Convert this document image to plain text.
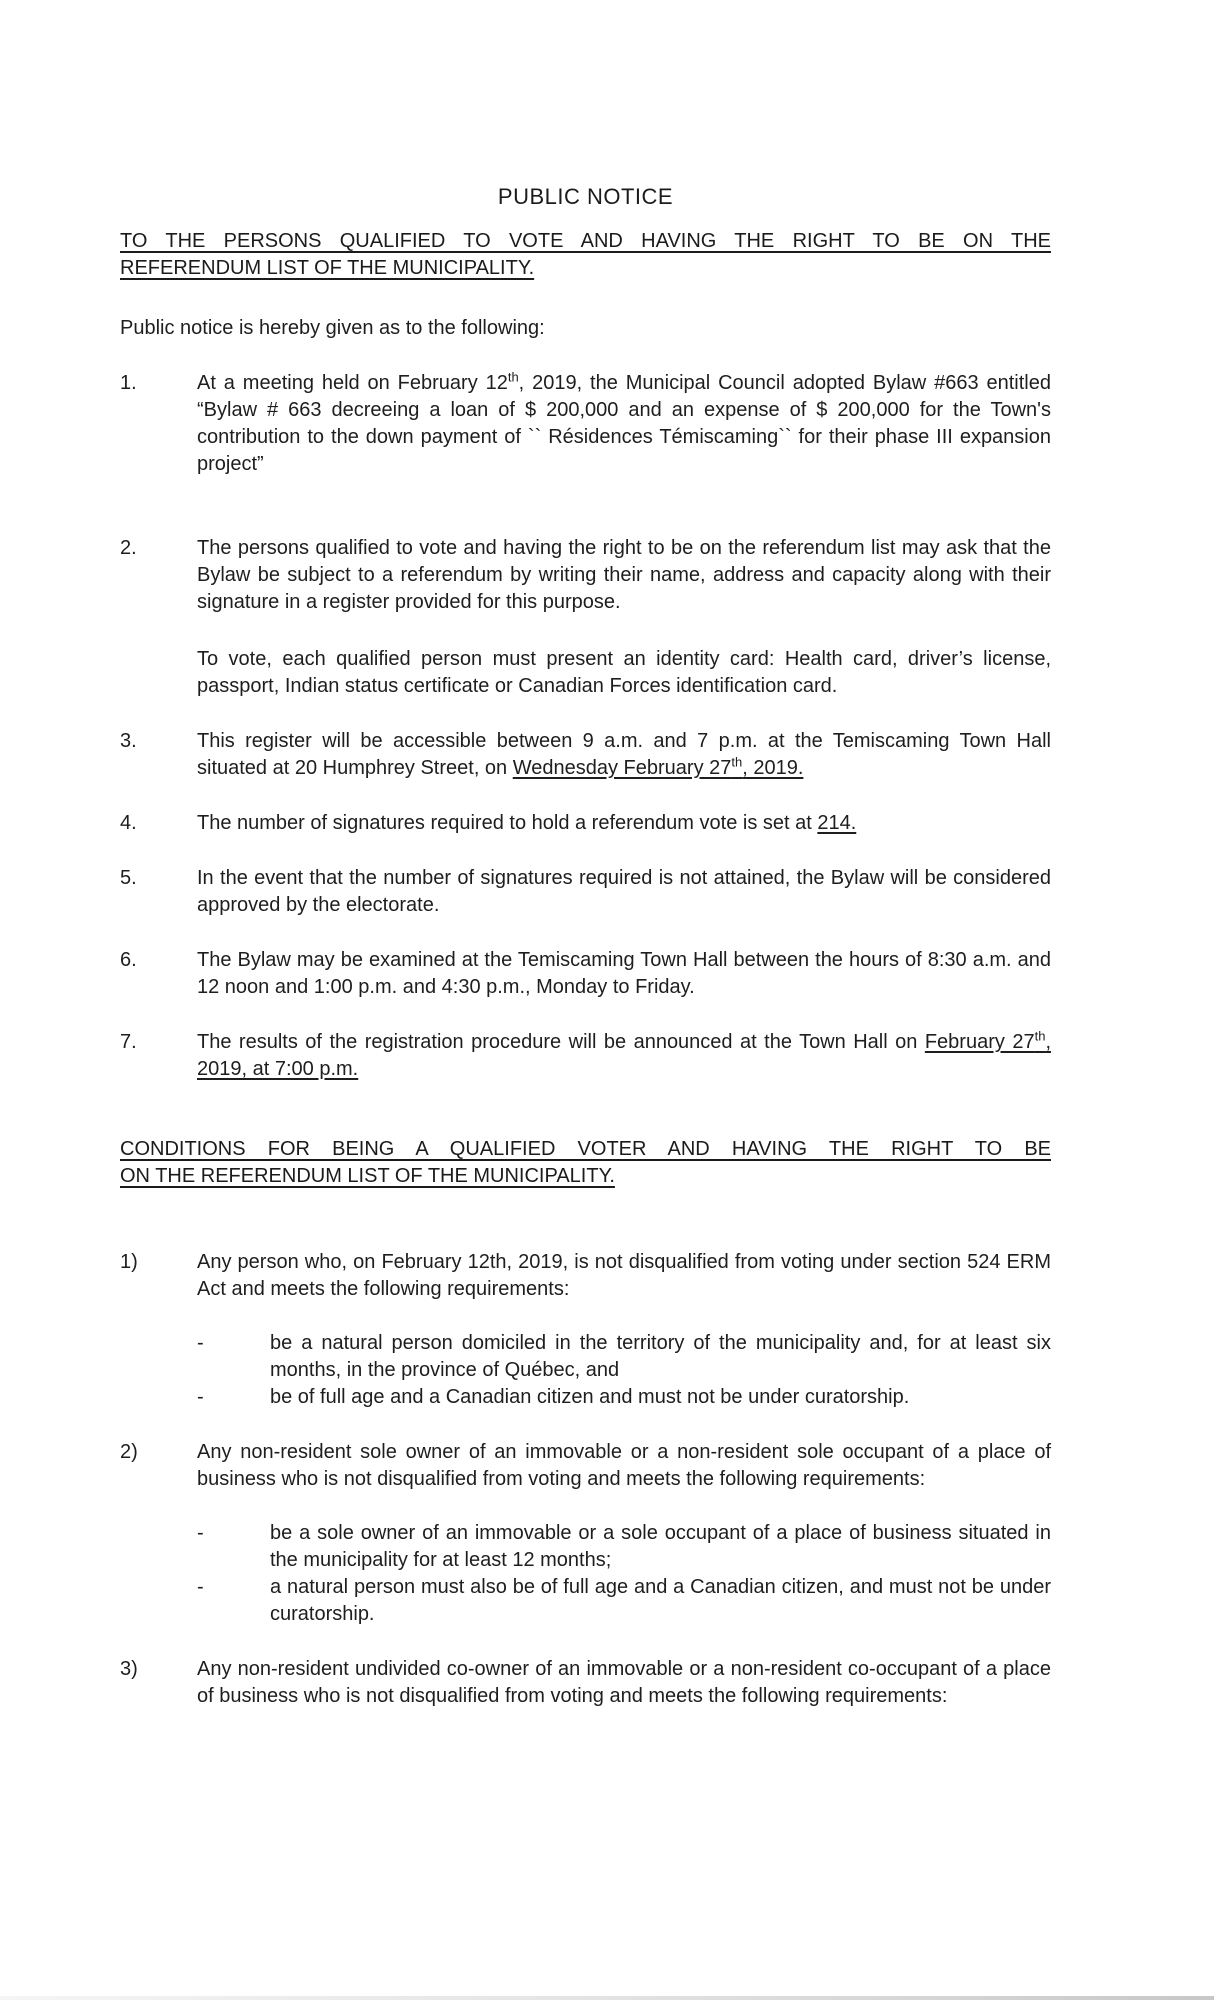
PUBLIC NOTICE
TO THE PERSONS QUALIFIED TO VOTE AND HAVING THE RIGHT TO BE ON THE
REFERENDUM LIST OF THE MUNICIPALITY.
Public notice is hereby given as to the following:
1.	At a meeting held on February 12th, 2019, the Municipal Council adopted Bylaw #663 entitled “Bylaw # 663 decreeing a loan of $ 200,000 and an expense of $ 200,000 for the Town's contribution to the down payment of `` Résidences Témiscaming`` for their phase III expansion project”

2.	The persons qualified to vote and having the right to be on the referendum list may ask that the Bylaw be subject to a referendum by writing their name, address and capacity along with their signature in a register provided for this purpose.

To vote, each qualified person must present an identity card: Health card, driver’s license, passport, Indian status certificate or Canadian Forces identification card.

3.	This register will be accessible between 9 a.m. and 7 p.m. at the Temiscaming Town Hall situated at 20 Humphrey Street, on Wednesday February 27th, 2019.

4.	The number of signatures required to hold a referendum vote is set at 214.

5.	In the event that the number of signatures required is not attained, the Bylaw will be considered approved by the electorate.

6.	The Bylaw may be examined at the Temiscaming Town Hall between the hours of 8:30 a.m. and 12 noon and 1:00 p.m. and 4:30 p.m., Monday to Friday.

7.	The results of the registration procedure will be announced at the Town Hall on February 27th, 2019, at 7:00 p.m.

CONDITIONS FOR BEING A QUALIFIED VOTER AND HAVING THE RIGHT TO BE
ON THE REFERENDUM LIST OF THE MUNICIPALITY.
1)	Any person who, on February 12th, 2019, is not disqualified from voting under section 524 ERM Act and meets the following requirements:

-	be a natural person domiciled in the territory of the municipality and, for at least six months, in the province of Québec, and

-	be of full age and a Canadian citizen and must not be under curatorship.

2)	Any non-resident sole owner of an immovable or a non-resident sole occupant of a place of business who is not disqualified from voting and meets the following requirements:

-	be a sole owner of an immovable or a sole occupant of a place of business situated in the municipality for at least 12 months;

-	a natural person must also be of full age and a Canadian citizen, and must not be under curatorship.

3)	Any non-resident undivided co-owner of an immovable or a non-resident co-occupant of a place of business who is not disqualified from voting and meets the following requirements:
